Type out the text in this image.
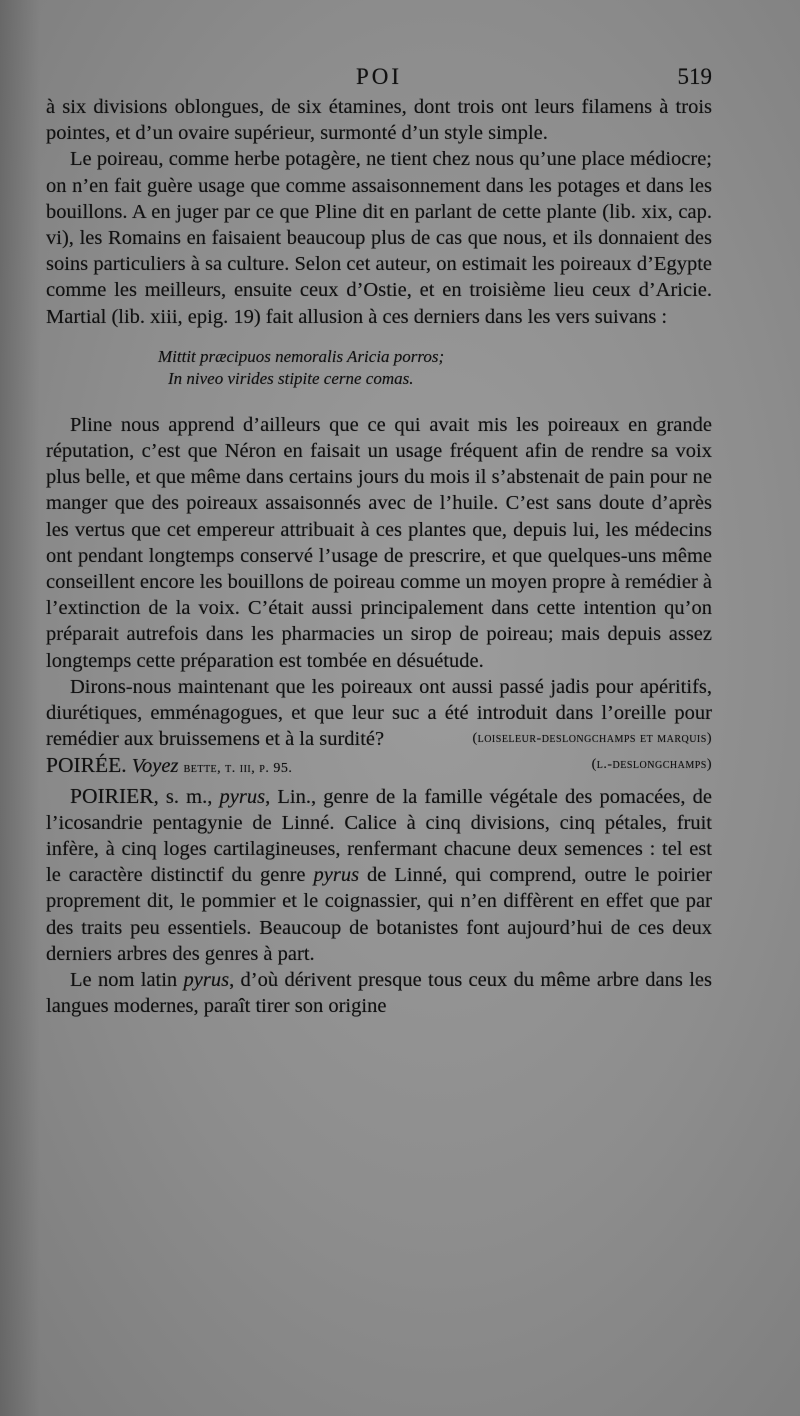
POI	519

à six divisions oblongues, de six étamines, dont trois ont leurs filamens à trois pointes, et d’un ovaire supérieur, surmonté d’un style simple.

Le poireau, comme herbe potagère, ne tient chez nous qu’une place médiocre; on n’en fait guère usage que comme assaisonnement dans les potages et dans les bouillons. A en juger par ce que Pline dit en parlant de cette plante (lib. xix, cap. vi), les Romains en faisaient beaucoup plus de cas que nous, et ils donnaient des soins particuliers à sa culture. Selon cet auteur, on estimait les poireaux d’Egypte comme les meilleurs, ensuite ceux d’Ostie, et en troisième lieu ceux d’Aricie. Martial (lib. xiii, epig. 19) fait allusion à ces derniers dans les vers suivans :

Mittit præcipuos nemoralis Aricia porros;
In niveo virides stipite cerne comas.

Pline nous apprend d’ailleurs que ce qui avait mis les poireaux en grande réputation, c’est que Néron en faisait un usage fréquent afin de rendre sa voix plus belle, et que même dans certains jours du mois il s’abstenait de pain pour ne manger que des poireaux assaisonnés avec de l’huile. C’est sans doute d’après les vertus que cet empereur attribuait à ces plantes que, depuis lui, les médecins ont pendant longtemps conservé l’usage de prescrire, et que quelques-uns même conseillent encore les bouillons de poireau comme un moyen propre à remédier à l’extinction de la voix. C’était aussi principalement dans cette intention qu’on préparait autrefois dans les pharmacies un sirop de poireau; mais depuis assez longtemps cette préparation est tombée en désuétude.

Dirons-nous maintenant que les poireaux ont aussi passé jadis pour apéritifs, diurétiques, emménagogues, et que leur suc a été introduit dans l’oreille pour remédier aux bruissemens et à la surdité?	(loiseleur-deslongchamps et marquis)

POIRÉE. Voyez bette, t. iii, p. 95.	(l.-deslongchamps)

POIRIER, s. m., pyrus, Lin., genre de la famille végétale des pomacées, de l’icosandrie pentagynie de Linné. Calice à cinq divisions, cinq pétales, fruit infère, à cinq loges cartilagineuses, renfermant chacune deux semences : tel est le caractère distinctif du genre pyrus de Linné, qui comprend, outre le poirier proprement dit, le pommier et le coignassier, qui n’en diffèrent en effet que par des traits peu essentiels. Beaucoup de botanistes font aujourd’hui de ces deux derniers arbres des genres à part.

Le nom latin pyrus, d’où dérivent presque tous ceux du même arbre dans les langues modernes, paraît tirer son origine
